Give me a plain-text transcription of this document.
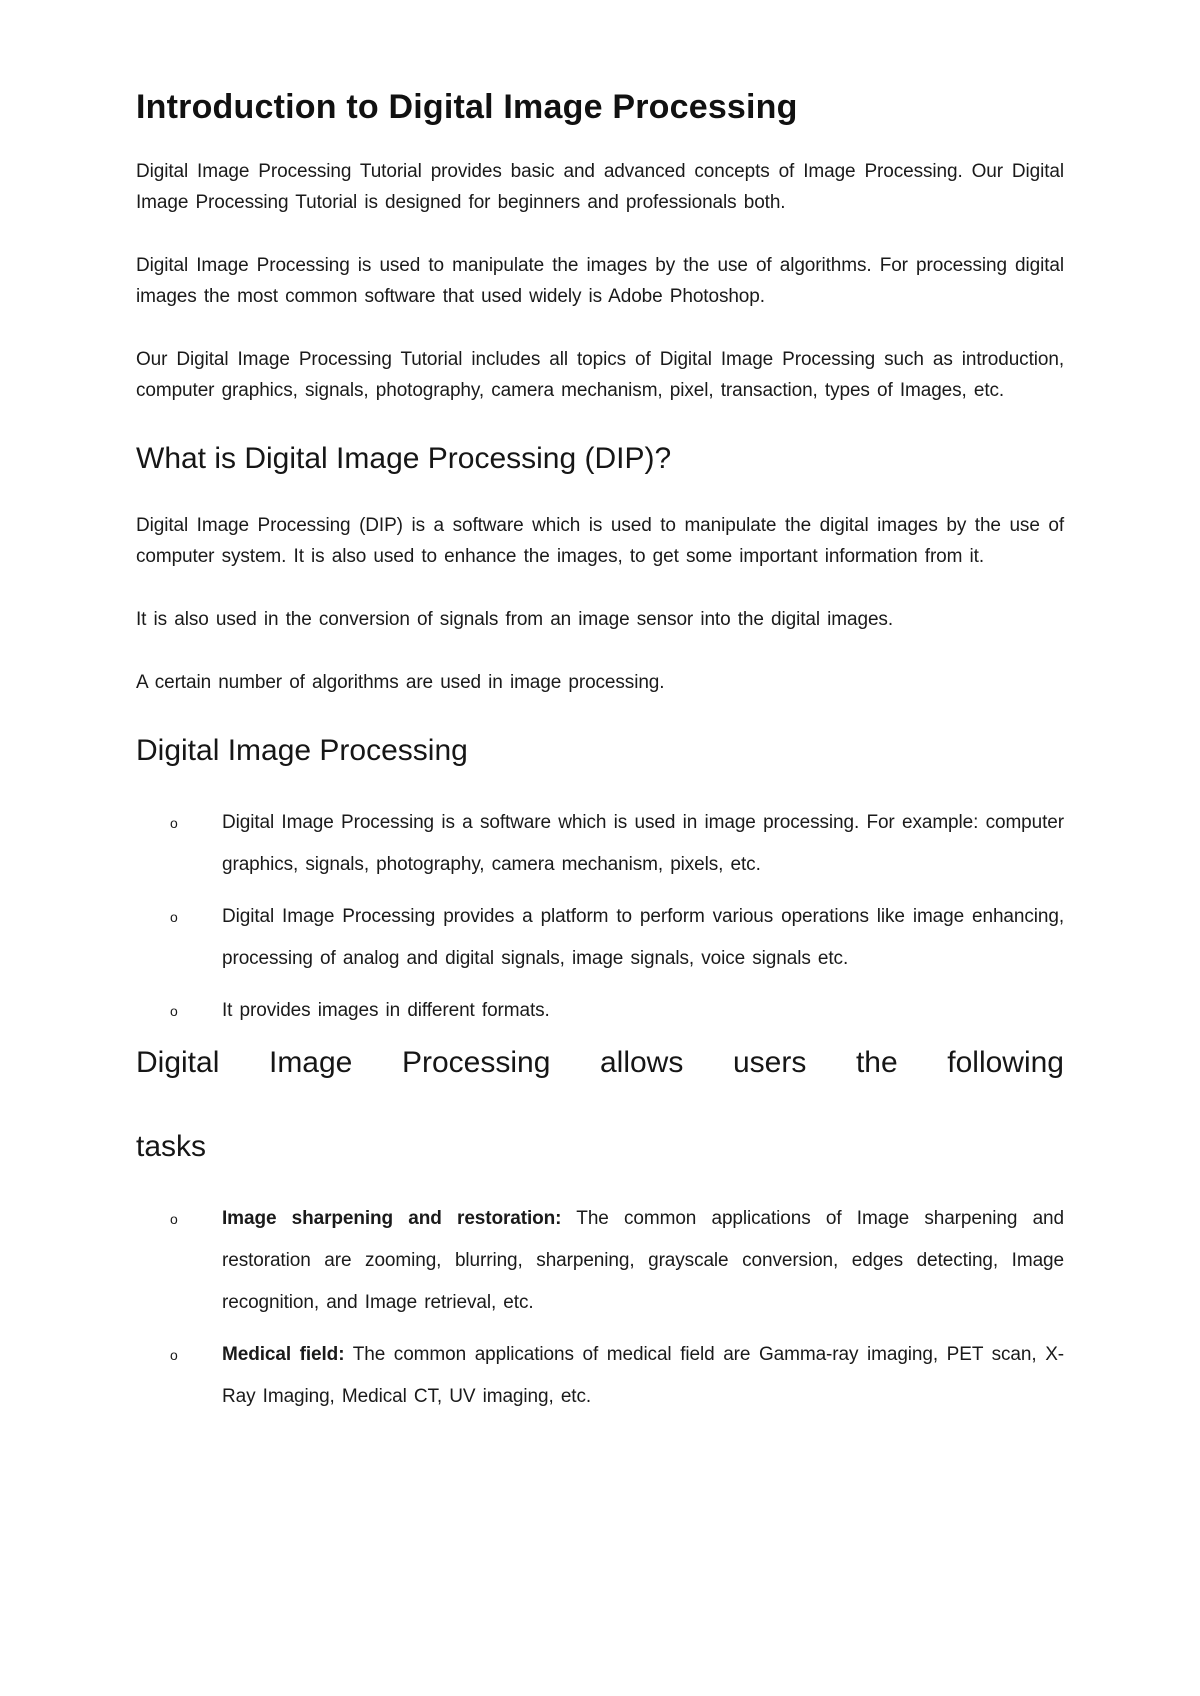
Introduction to Digital Image Processing

Digital Image Processing Tutorial provides basic and advanced concepts of Image Processing. Our Digital Image Processing Tutorial is designed for beginners and professionals both.

Digital Image Processing is used to manipulate the images by the use of algorithms. For processing digital images the most common software that used widely is Adobe Photoshop.

Our Digital Image Processing Tutorial includes all topics of Digital Image Processing such as introduction, computer graphics, signals, photography, camera mechanism, pixel, transaction, types of Images, etc.

What is Digital Image Processing (DIP)?

Digital Image Processing (DIP) is a software which is used to manipulate the digital images by the use of computer system. It is also used to enhance the images, to get some important information from it.

It is also used in the conversion of signals from an image sensor into the digital images.

A certain number of algorithms are used in image processing.

Digital Image Processing
o	Digital Image Processing is a software which is used in image processing. For example: computer graphics, signals, photography, camera mechanism, pixels, etc.
o	Digital Image Processing provides a platform to perform various operations like image enhancing, processing of analog and digital signals, image signals, voice signals etc.
o	It provides images in different formats.
Digital Image Processing allows users the following
tasks
o	Image sharpening and restoration: The common applications of Image sharpening and restoration are zooming, blurring, sharpening, grayscale conversion, edges detecting, Image recognition, and Image retrieval, etc.
o	Medical field: The common applications of medical field are Gamma-ray imaging, PET scan, X-Ray Imaging, Medical CT, UV imaging, etc.
